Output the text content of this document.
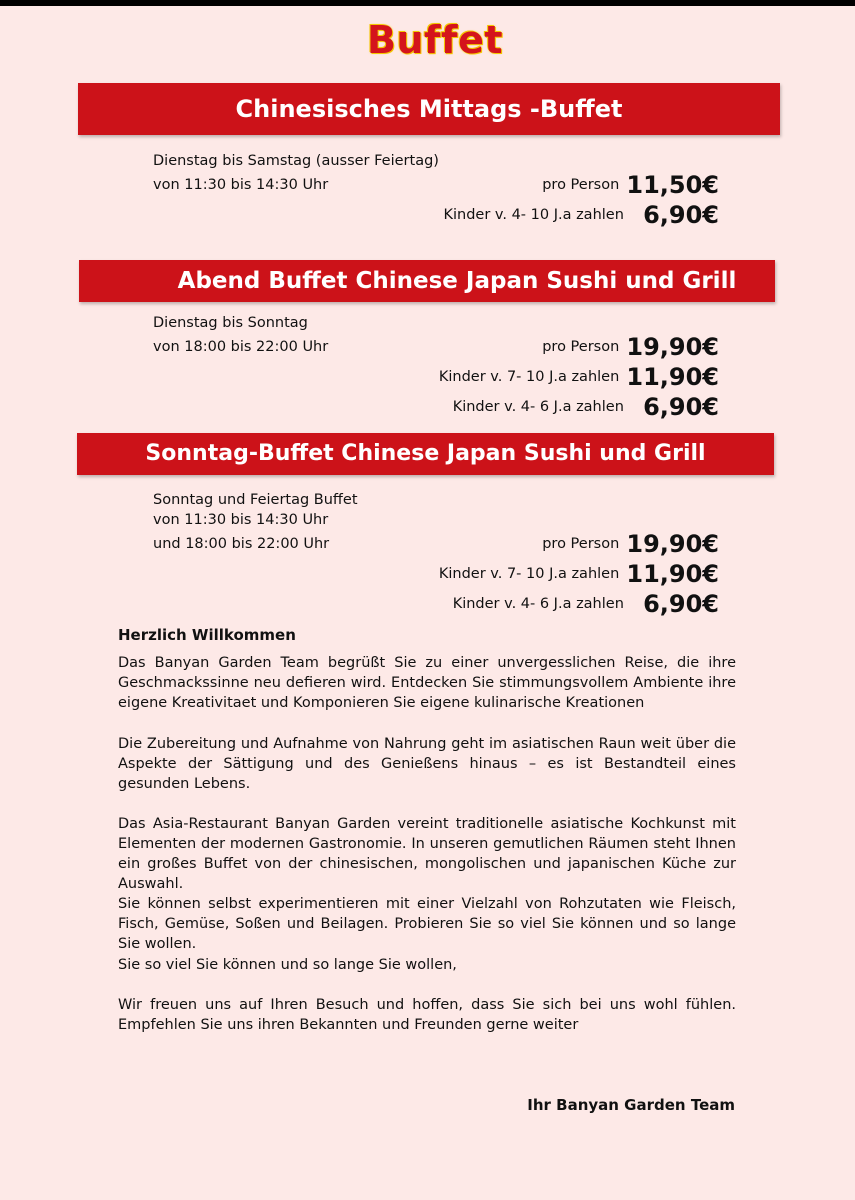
Buffet
Chinesisches Mittags -Buffet
Dienstag bis Samstag (ausser Feiertag)
von 11:30 bis 14:30 Uhr	pro Person 11,50€
Kinder v. 4- 10 J.a zahlen 6,90€
Abend Buffet Chinese Japan Sushi und Grill
Dienstag bis Sonntag
von 18:00 bis 22:00 Uhr	pro Person 19,90€
Kinder v. 7- 10 J.a zahlen 11,90€
Kinder v. 4- 6 J.a zahlen 6,90€
Sonntag-Buffet Chinese Japan Sushi und Grill
Sonntag und Feiertag Buffet
von 11:30 bis 14:30 Uhr
und 18:00 bis 22:00 Uhr	pro Person 19,90€
Kinder v. 7- 10 J.a zahlen 11,90€
Kinder v. 4- 6 J.a zahlen 6,90€
Herzlich Willkommen
Das Banyan Garden Team begrüßt Sie zu einer unvergesslichen Reise, die ihre Geschmackssinne neu defieren wird. Entdecken Sie stimmungsvollem Ambiente ihre eigene Kreativitaet und Komponieren Sie eigene kulinarische Kreationen
Die Zubereitung und Aufnahme von Nahrung geht im asiatischen Raun weit über die Aspekte der Sättigung und des Genießens hinaus – es ist Bestandteil eines gesunden Lebens.
Das Asia-Restaurant Banyan Garden vereint traditionelle asiatische Kochkunst mit Elementen der modernen Gastronomie. In unseren gemutlichen Räumen steht Ihnen ein großes Buffet von der chinesischen, mongolischen und japanischen Küche zur Auswahl.
Sie können selbst experimentieren mit einer Vielzahl von Rohzutaten wie Fleisch, Fisch, Gemüse, Soßen und Beilagen. Probieren Sie so viel Sie können und so lange Sie wollen.
Sie so viel Sie können und so lange Sie wollen,
Wir freuen uns auf Ihren Besuch und hoffen, dass Sie sich bei uns wohl fühlen. Empfehlen Sie uns ihren Bekannten und Freunden gerne weiter
Ihr Banyan Garden Team
